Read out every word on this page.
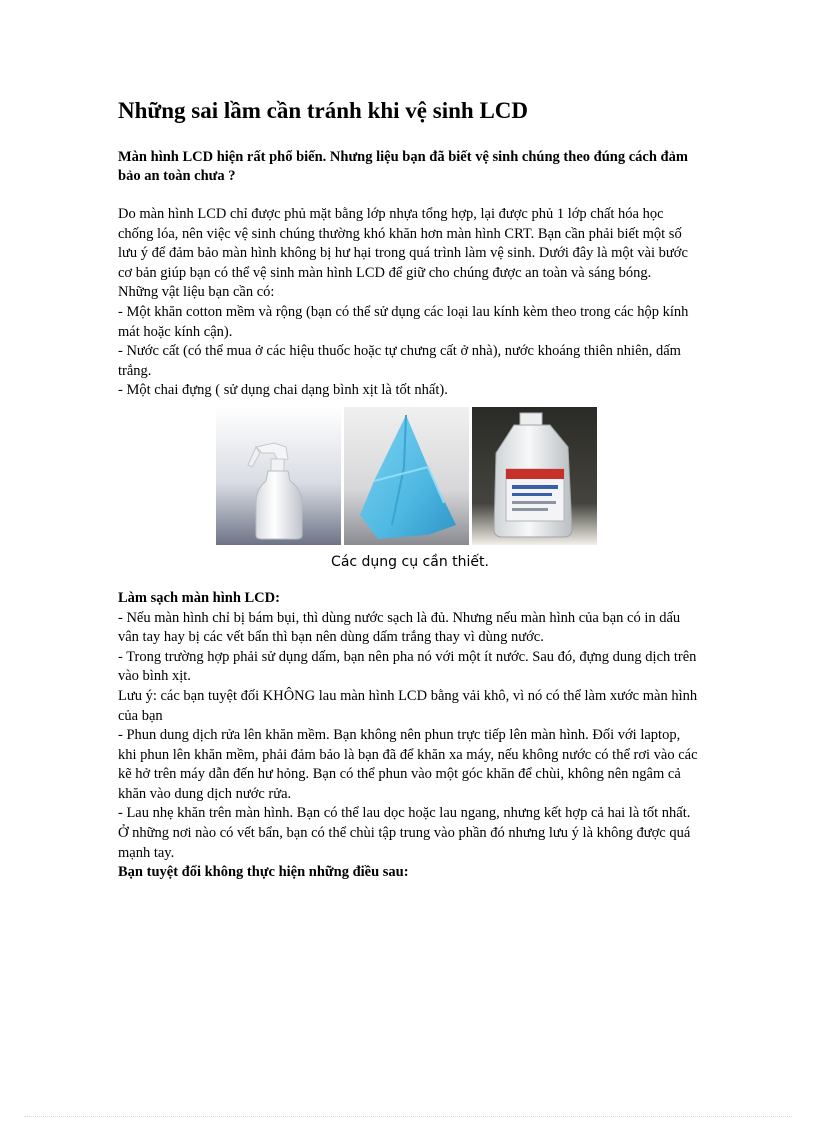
Những sai lầm cần tránh khi vệ sinh LCD

Màn hình LCD hiện rất phổ biến. Nhưng liệu bạn đã biết vệ sinh chúng theo đúng cách đảm bảo an toàn chưa ?

Do màn hình LCD chỉ được phủ mặt bằng lớp nhựa tổng hợp, lại được phủ 1 lớp chất hóa học chống lóa, nên việc vệ sinh chúng thường khó khăn hơn màn hình CRT. Bạn cần phải biết một số lưu ý để đảm bảo màn hình không bị hư hại trong quá trình làm vệ sinh. Dưới đây là một vài bước cơ bản giúp bạn có thể vệ sinh màn hình LCD để giữ cho chúng được an toàn và sáng bóng.

Những vật liệu bạn cần có:

- Một khăn cotton mềm và rộng (bạn có thể sử dụng các loại lau kính kèm theo trong các hộp kính mát hoặc kính cận).

- Nước cất (có thể mua ở các hiệu thuốc hoặc tự chưng cất ở nhà), nước khoáng thiên nhiên, dấm trắng.

- Một chai đựng ( sử dụng chai dạng bình xịt là tốt nhất).

Các dụng cụ cần thiết.

Làm sạch màn hình LCD:

- Nếu màn hình chỉ bị bám bụi, thì dùng nước sạch là đủ. Nhưng nếu màn hình của bạn có in dấu vân tay hay bị các vết bẩn thì bạn nên dùng dấm trắng thay vì dùng nước.

- Trong trường hợp phải sử dụng dấm, bạn nên pha nó với một ít nước. Sau đó, đựng dung dịch trên vào bình xịt.

Lưu ý: các bạn tuyệt đối KHÔNG lau màn hình LCD bằng vải khô, vì nó có thể làm xước màn hình của bạn

- Phun dung dịch rửa lên khăn mềm. Bạn không nên phun trực tiếp lên màn hình. Đối với laptop, khi phun lên khăn mềm, phải đảm bảo là bạn đã để khăn xa máy, nếu không nước có thể rơi vào các kẽ hở trên máy dẫn đến hư hỏng. Bạn có thể phun vào một góc khăn để chùi, không nên ngâm cả khăn vào dung dịch nước rửa.

- Lau nhẹ khăn trên màn hình. Bạn có thể lau dọc hoặc lau ngang, nhưng kết hợp cả hai là tốt nhất. Ở những nơi nào có vết bẩn, bạn có thể chùi tập trung vào phần đó nhưng lưu ý là không được quá mạnh tay.

Bạn tuyệt đối không thực hiện những điều sau:
